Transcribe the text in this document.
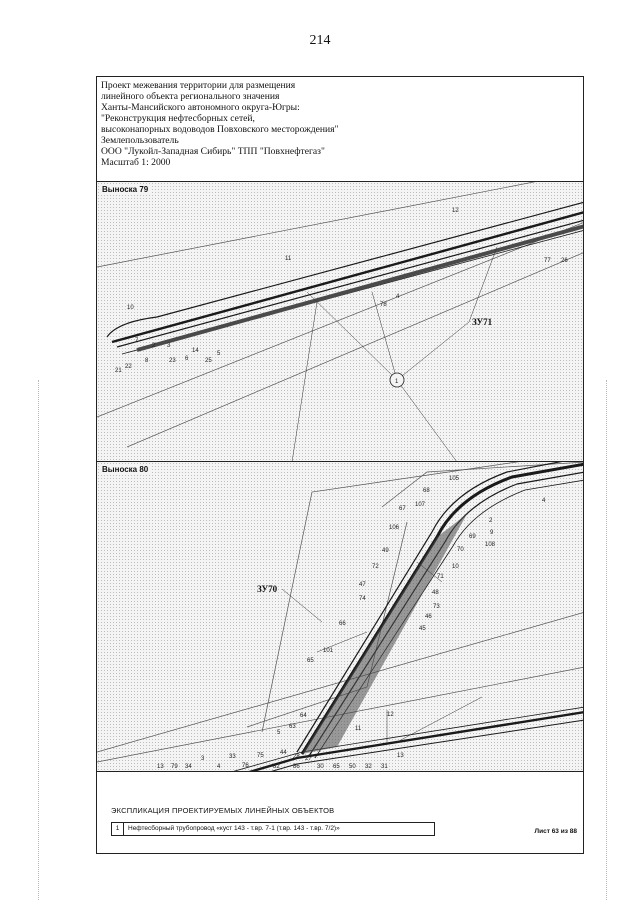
214
Проект межевания территории для размещения
линейного объекта регионального значения
Ханты-Мансийского автономного округа-Югры:
"Реконструкция нефтесборных сетей,
высоконапорных водоводов Повховского месторождения"
Землепользователь
ООО "Лукойл-Западная Сибирь" ТПП "Повхнефтегаз"
Масштаб 1: 2000
12
11	77 26
78
4
10
ЗУ71
1
2 3
5
6
7
8
14
21
22
23	25
Выноска 79
105
68
67
107
4
2
9
69
108
106
70
49
10
72
71
48
47
74
73
46
ЗУ70
66
45
101
65
64
63
5
12
11
13
76
75	44
30 65 50 32 31
4
33
86
82
27
28
13 79 34
3
Выноска 80
ЭКСПЛИКАЦИЯ ПРОЕКТИРУЕМЫХ ЛИНЕЙНЫХ ОБЪЕКТОВ
1	Нефтесборный трубопровод «куст 143 - т.вр. 7-1 (т.вр. 143 - т.вр. 7/2)»	Лист 63 из 88
